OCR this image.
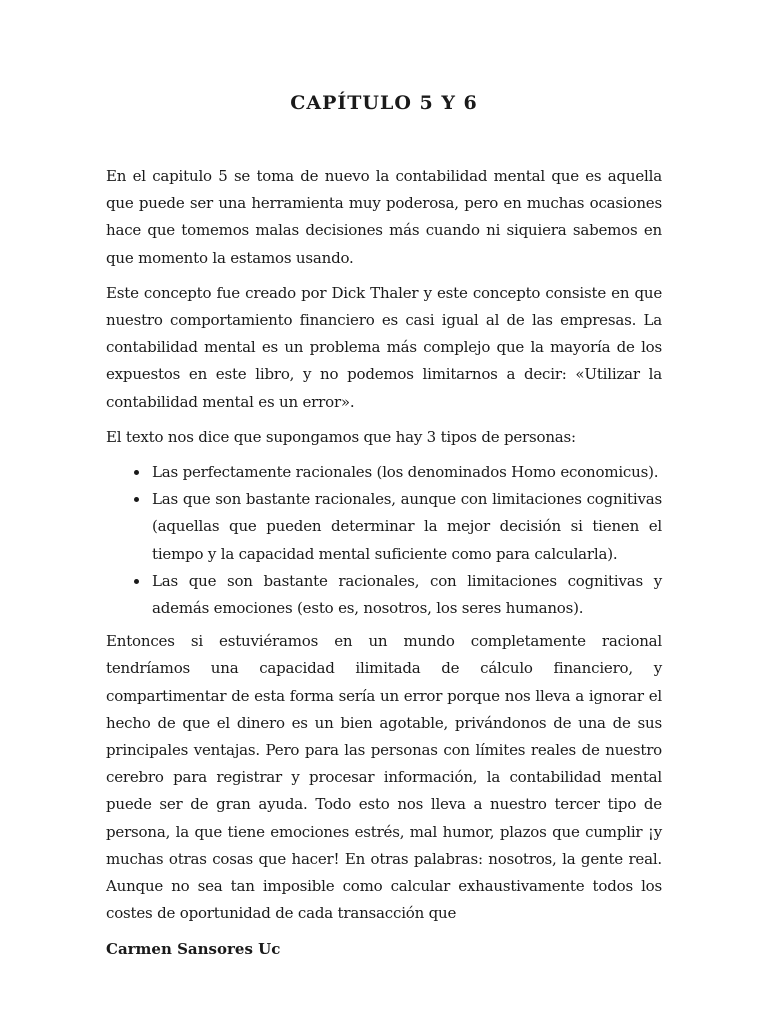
CAPÍTULO 5 Y 6

En el capitulo 5 se toma de nuevo la contabilidad mental que es aquella que puede ser una herramienta muy poderosa, pero en muchas ocasiones hace que tomemos malas decisiones más cuando ni siquiera sabemos en que momento la estamos usando.

Este concepto fue creado por Dick Thaler y este concepto consiste en que nuestro comportamiento financiero es casi igual al de las empresas. La contabilidad mental es un problema más complejo que la mayoría de los expuestos en este libro, y no podemos limitarnos a decir: «Utilizar la contabilidad mental es un error».

El texto nos dice que supongamos que hay 3 tipos de personas:

• Las perfectamente racionales (los denominados Homo economicus).
• Las que son bastante racionales, aunque con limitaciones cognitivas (aquellas que pueden determinar la mejor decisión si tienen el tiempo y la capacidad mental suficiente como para calcularla).
• Las que son bastante racionales, con limitaciones cognitivas y además emociones (esto es, nosotros, los seres humanos).

Entonces si estuviéramos en un mundo completamente racional tendríamos una capacidad ilimitada de cálculo financiero, y compartimentar de esta forma sería un error porque nos lleva a ignorar el hecho de que el dinero es un bien agotable, privándonos de una de sus principales ventajas. Pero para las personas con límites reales de nuestro cerebro para registrar y procesar información, la contabilidad mental puede ser de gran ayuda. Todo esto nos lleva a nuestro tercer tipo de persona, la que tiene emociones estrés, mal humor, plazos que cumplir ¡y muchas otras cosas que hacer! En otras palabras: nosotros, la gente real. Aunque no sea tan imposible como calcular exhaustivamente todos los costes de oportunidad de cada transacción que

Carmen Sansores Uc
